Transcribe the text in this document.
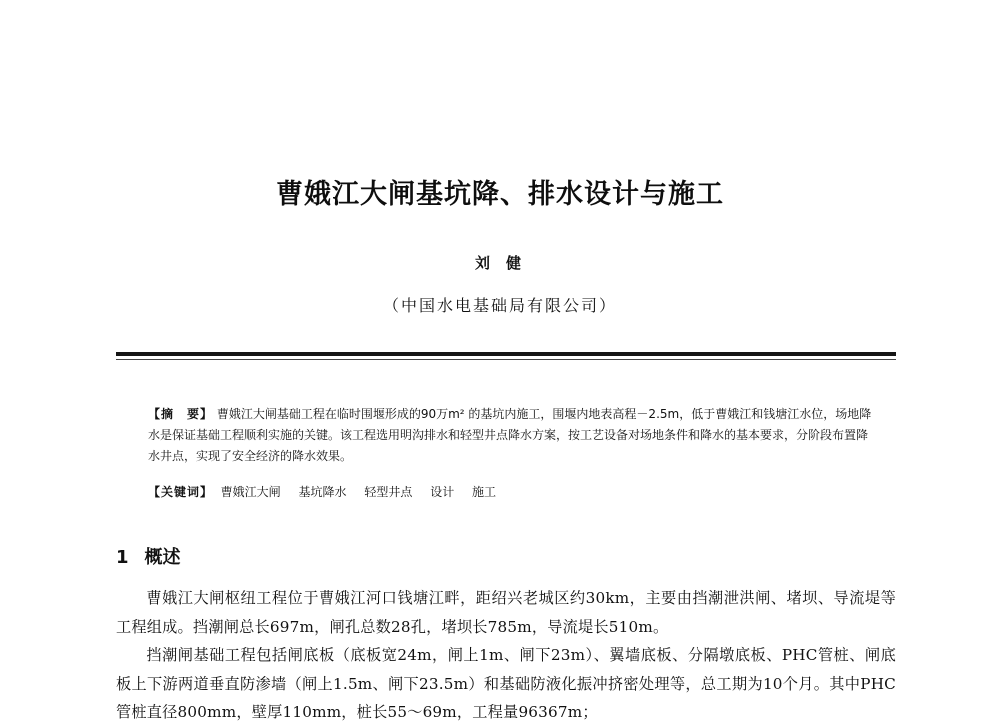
曹娥江大闸基坑降、排水设计与施工
刘健
（中国水电基础局有限公司）

【摘　要】 曹娥江大闸基础工程在临时围堰形成的90万m² 的基坑内施工，围堰内地表高程－2.5m，低于曹娥江和钱塘江水位，场地降水是保证基础工程顺利实施的关键。该工程选用明沟排水和轻型井点降水方案，按工艺设备对场地条件和降水的基本要求，分阶段布置降水井点，实现了安全经济的降水效果。

【关键词】 曹娥江大闸 基坑降水 轻型井点 设计 施工
1 概述

曹娥江大闸枢纽工程位于曹娥江河口钱塘江畔，距绍兴老城区约30km，主要由挡潮泄洪闸、堵坝、导流堤等工程组成。挡潮闸总长697m，闸孔总数28孔，堵坝长785m，导流堤长510m。

挡潮闸基础工程包括闸底板（底板宽24m，闸上1m、闸下23m）、翼墙底板、分隔墩底板、PHC管桩、闸底板上下游两道垂直防渗墙（闸上1.5m、闸下23.5m）和基础防液化振冲挤密处理等，总工期为10个月。其中PHC管桩直径800mm，壁厚110mm，桩长55～69m，工程量96367m；
